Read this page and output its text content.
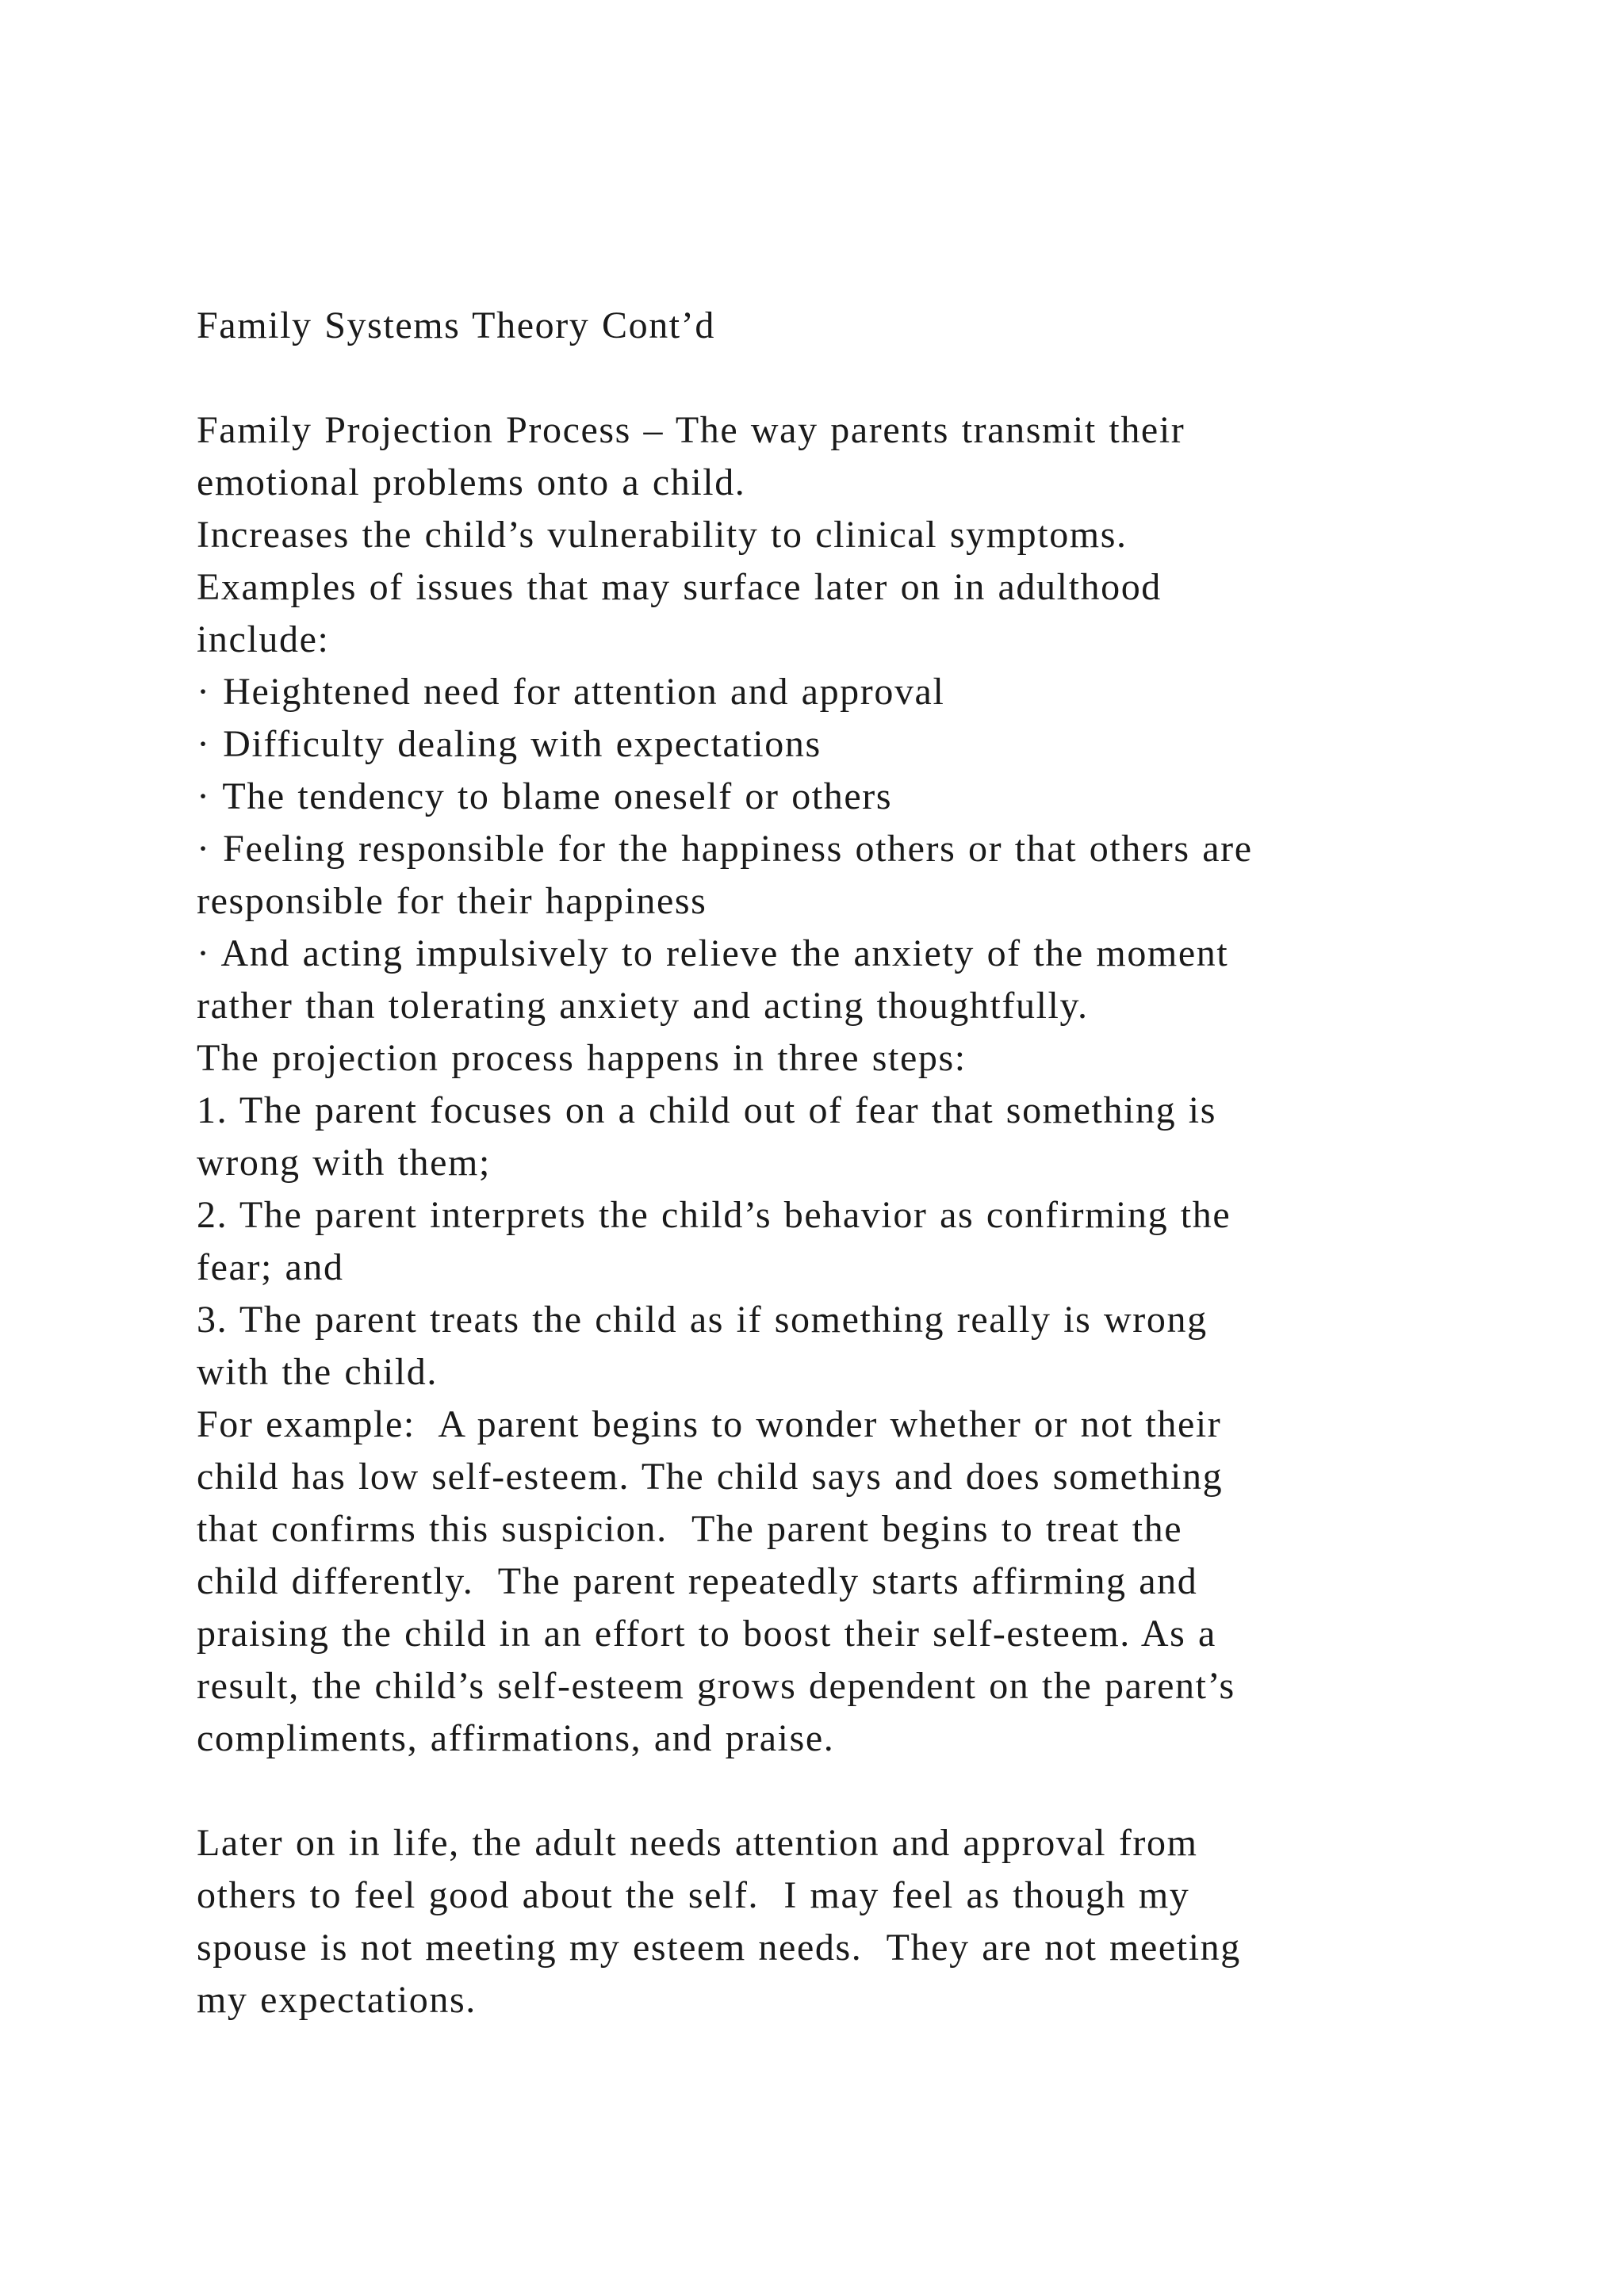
Family Systems Theory Cont’d
Family Projection Process – The way parents transmit their
emotional problems onto a child.
Increases the child’s vulnerability to clinical symptoms.
Examples of issues that may surface later on in adulthood
include:
· Heightened need for attention and approval
· Difficulty dealing with expectations
· The tendency to blame oneself or others
· Feeling responsible for the happiness others or that others are
responsible for their happiness
· And acting impulsively to relieve the anxiety of the moment
rather than tolerating anxiety and acting thoughtfully.
The projection process happens in three steps:
1. The parent focuses on a child out of fear that something is
wrong with them;
2. The parent interprets the child’s behavior as confirming the
fear; and
3. The parent treats the child as if something really is wrong
with the child.
For example:  A parent begins to wonder whether or not their
child has low self-esteem. The child says and does something
that confirms this suspicion.  The parent begins to treat the
child differently.  The parent repeatedly starts affirming and
praising the child in an effort to boost their self-esteem. As a
result, the child’s self-esteem grows dependent on the parent’s
compliments, affirmations, and praise.
Later on in life, the adult needs attention and approval from
others to feel good about the self.  I may feel as though my
spouse is not meeting my esteem needs.  They are not meeting
my expectations.
